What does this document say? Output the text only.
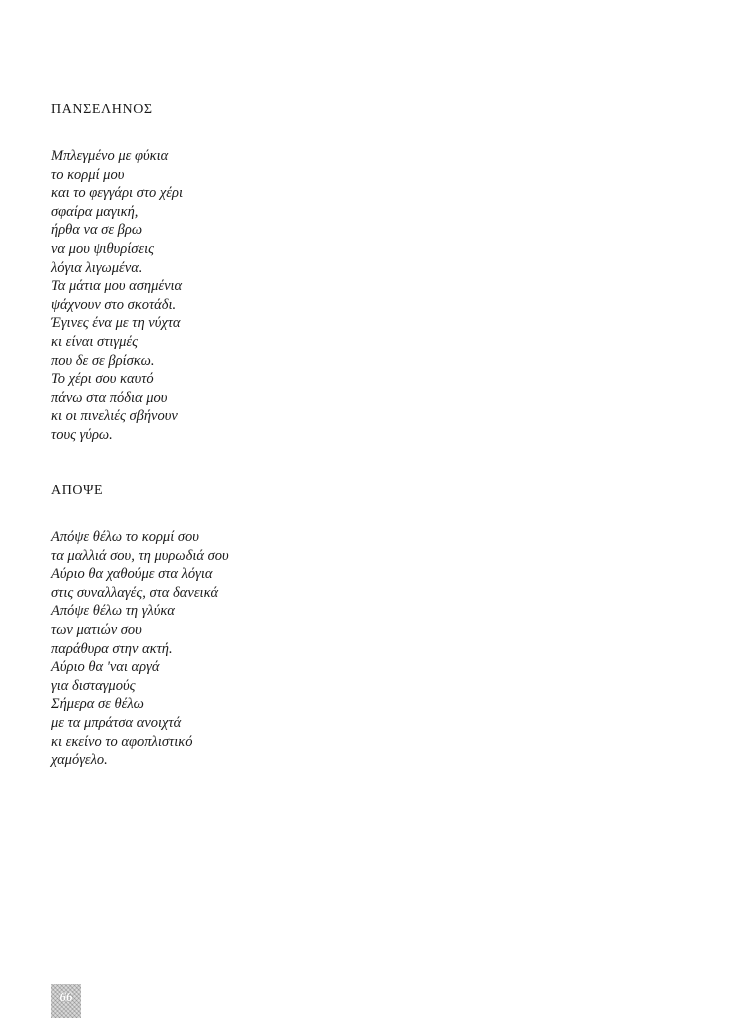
ΠΑΝΣΕΛΗΝΟΣ
Μπλεγμένο με φύκια
το κορμί μου
και το φεγγάρι στο χέρι
σφαίρα μαγική,
ήρθα να σε βρω
να μου ψιθυρίσεις
λόγια λιγωμένα.
Τα μάτια μου ασημένια
ψάχνουν στο σκοτάδι.
Έγινες ένα με τη νύχτα
κι είναι στιγμές
που δε σε βρίσκω.
Το χέρι σου καυτό
πάνω στα πόδια μου
κι οι πινελιές σβήνουν
τους γύρω.
ΑΠΟΨΕ
Απόψε θέλω το κορμί σου
τα μαλλιά σου, τη μυρωδιά σου
Αύριο θα χαθούμε στα λόγια
στις συναλλαγές, στα δανεικά
Απόψε θέλω τη γλύκα
των ματιών σου
παράθυρα στην ακτή.
Αύριο θα 'ναι αργά
για δισταγμούς
Σήμερα σε θέλω
με τα μπράτσα ανοιχτά
κι εκείνο το αφοπλιστικό
χαμόγελο.
66
